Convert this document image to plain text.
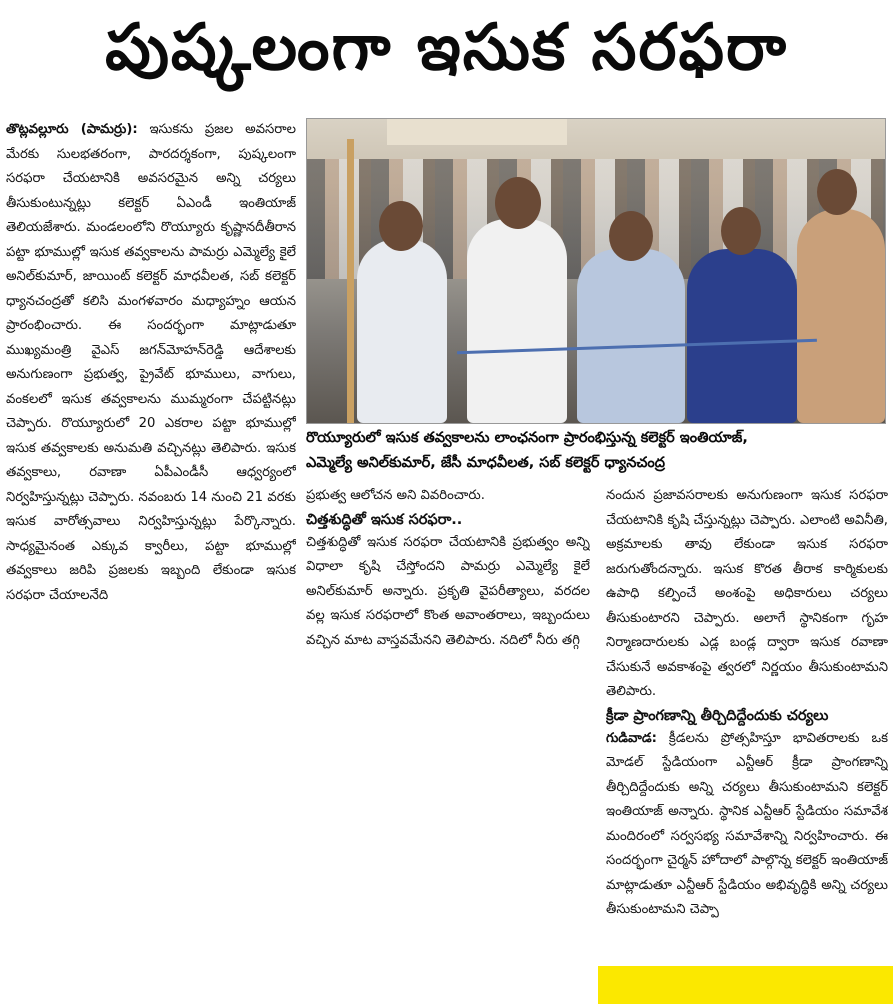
పుష్కలంగా ఇసుక సరఫరా

తొట్లవల్లూరు (పామర్రు): ఇసుకను ప్రజల అవసరాల మేరకు సులభతరంగా, పారదర్శకంగా, పుష్కలంగా సరఫరా చేయటానికి అవసరమైన అన్ని చర్యలు తీసుకుంటున్నట్లు కలెక్టర్ ఏఎండీ ఇంతియాజ్ తెలియజేశారు. మండలంలోని రొయ్యూరు కృష్ణానదీతీరాన పట్టా భూముల్లో ఇసుక తవ్వకాలను పామర్రు ఎమ్మెల్యే కైలే అనిల్‌కుమార్, జాయింట్ కలెక్టర్ మాధవీలత, సబ్ కలెక్టర్ ధ్యానచంద్రతో కలిసి మంగళవారం మధ్యాహ్నం ఆయన ప్రారంభించారు. ఈ సందర్భంగా మాట్లాడుతూ ముఖ్యమంత్రి వైఎస్ జగన్‌మోహన్‌రెడ్డి ఆదేశాలకు అనుగుణంగా ప్రభుత్వ, ప్రైవేట్ భూములు, వాగులు, వంకలలో ఇసుక తవ్వకాలను ముమ్మరంగా చేపట్టినట్లు చెప్పారు. రొయ్యూరులో 20 ఎకరాల పట్టా భూముల్లో ఇసుక తవ్వకాలకు అనుమతి వచ్చినట్లు తెలిపారు. ఇసుక తవ్వకాలు, రవాణా ఏపీఎండీసీ ఆధ్వర్యంలో నిర్వహిస్తున్నట్లు చెప్పారు. నవంబరు 14 నుంచి 21 వరకు ఇసుక వారోత్సవాలు నిర్వహిస్తున్నట్లు పేర్కొన్నారు. సాధ్యమైనంత ఎక్కువ క్వారీలు, పట్టా భూముల్లో తవ్వకాలు జరిపి ప్రజలకు ఇబ్బంది లేకుండా ఇసుక సరఫరా చేయాలనేది

రొయ్యూరులో ఇసుక తవ్వకాలను లాంఛనంగా ప్రారంభిస్తున్న కలెక్టర్ ఇంతియాజ్,
ఎమ్మెల్యే అనిల్‌కుమార్, జేసీ మాధవీలత, సబ్ కలెక్టర్ ధ్యానచంద్ర

ప్రభుత్వ ఆలోచన అని వివరించారు.

చిత్తశుద్ధితో ఇసుక సరఫరా..

చిత్తశుద్ధితో ఇసుక సరఫరా చేయటానికి ప్రభుత్వం అన్ని విధాలా కృషి చేస్తోందని పామర్రు ఎమ్మెల్యే కైలే అనిల్‌కుమార్ అన్నారు. ప్రకృతి వైపరీత్యాలు, వరదల వల్ల ఇసుక సరఫరాలో కొంత అవాంతరాలు, ఇబ్బందులు వచ్చిన మాట వాస్తవమేనని తెలిపారు. నదిలో నీరు తగ్గి

నందున ప్రజావసరాలకు అనుగుణంగా ఇసుక సరఫరా చేయటానికి కృషి చేస్తున్నట్లు చెప్పారు. ఎలాంటి అవినీతి, అక్రమాలకు తావు లేకుండా ఇసుక సరఫరా జరుగుతోందన్నారు. ఇసుక కొరత తీరాక కార్మికులకు ఉపాధి కల్పించే అంశంపై అధికారులు చర్యలు తీసుకుంటారని చెప్పారు. అలాగే స్థానికంగా గృహ నిర్మాణదారులకు ఎడ్ల బండ్ల ద్వారా ఇసుక రవాణా చేసుకునే అవకాశంపై త్వరలో నిర్ణయం తీసుకుంటామని తెలిపారు.

క్రీడా ప్రాంగణాన్ని తీర్చిదిద్దేందుకు చర్యలు

గుడివాడ: క్రీడలను ప్రోత్సహిస్తూ భావితరాలకు ఒక మోడల్ స్టేడియంగా ఎన్టీఆర్ క్రీడా ప్రాంగణాన్ని తీర్చిదిద్దేందుకు అన్ని చర్యలు తీసుకుంటామని కలెక్టర్ ఇంతియాజ్ అన్నారు. స్థానిక ఎన్టీఆర్ స్టేడియం సమావేశ మందిరంలో సర్వసభ్య సమావేశాన్ని నిర్వహించారు. ఈ సందర్భంగా చైర్మన్ హోదాలో పాల్గొన్న కలెక్టర్ ఇంతియాజ్ మాట్లాడుతూ ఎన్టీఆర్ స్టేడియం అభివృద్ధికి అన్ని చర్యలు తీసుకుంటామని చెప్పా
